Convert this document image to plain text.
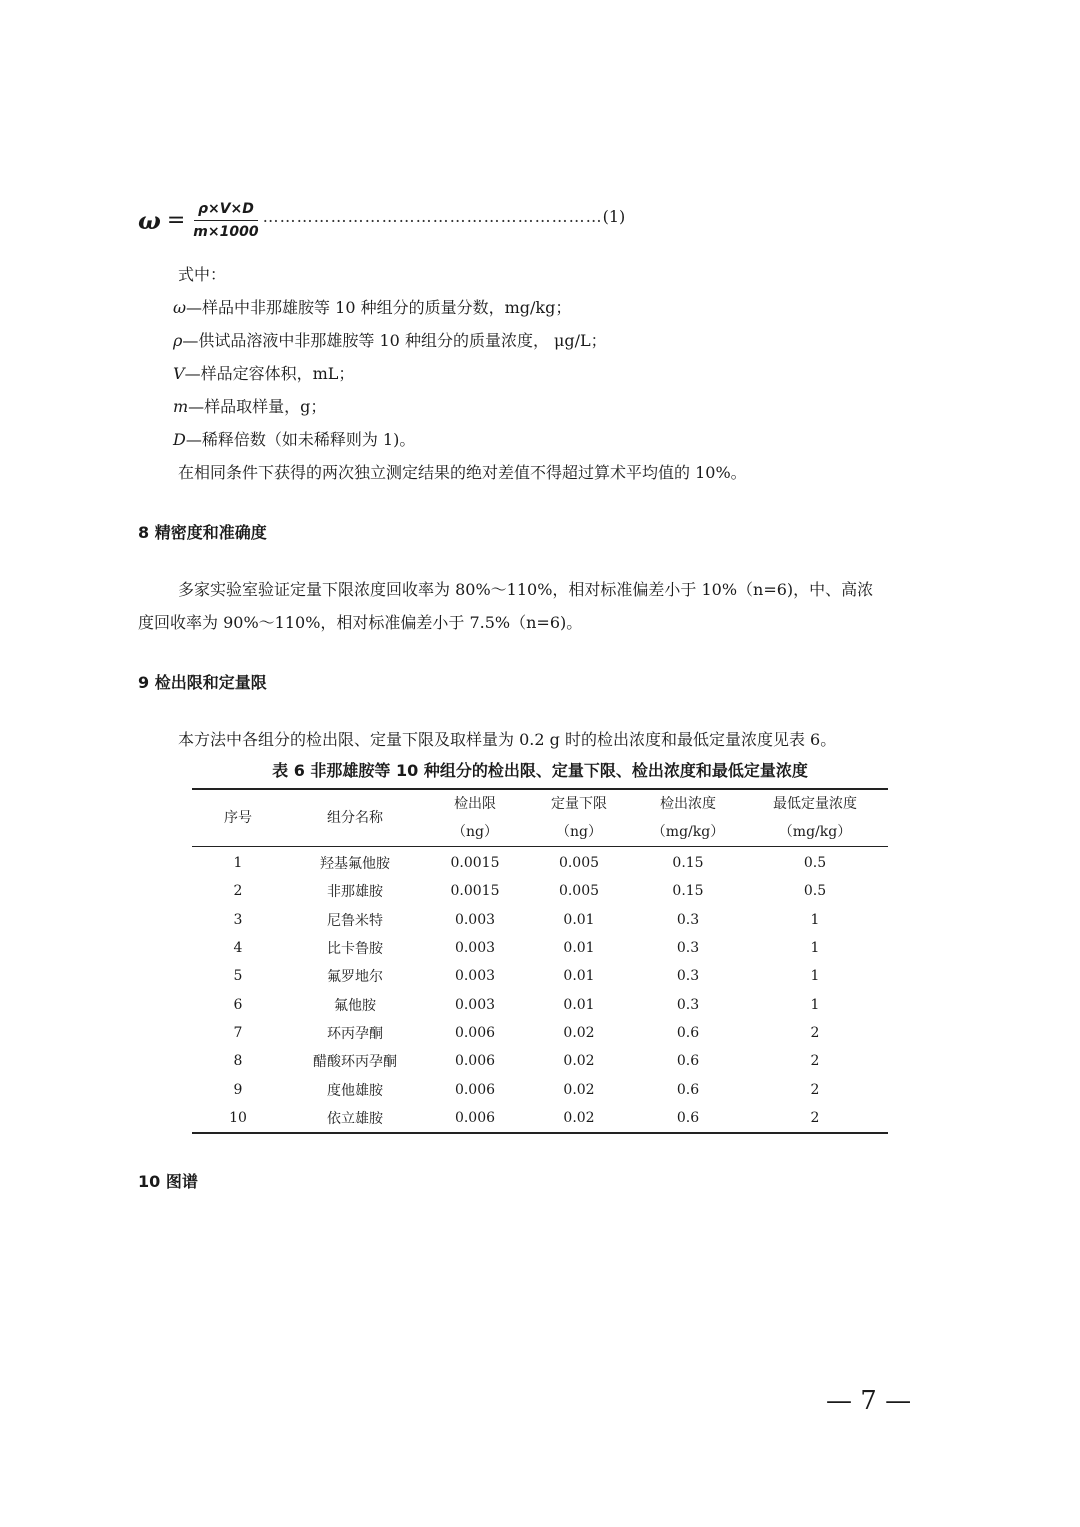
$\omega = \frac{\rho\times V\times D}{m\times 1000}$ …………………………………………………… (1)
式中：
ω—样品中非那雄胺等 10 种组分的质量分数，mg/kg；
ρ—供试品溶液中非那雄胺等 10 种组分的质量浓度， μg/L；
V—样品定容体积，mL；
m—样品取样量，g；
D—稀释倍数（如未稀释则为 1)。
在相同条件下获得的两次独立测定结果的绝对差值不得超过算术平均值的 10%。
8 精密度和准确度
多家实验室验证定量下限浓度回收率为 80%～110%，相对标准偏差小于 10%（n=6)，中、高浓
度回收率为 90%～110%，相对标准偏差小于 7.5%（n=6)。
9 检出限和定量限
本方法中各组分的检出限、定量下限及取样量为 0.2 g 时的检出浓度和最低定量浓度见表 6。
表 6 非那雄胺等 10 种组分的检出限、定量下限、检出浓度和最低定量浓度
序号	组分名称	检出限	定量下限	检出浓度	最低定量浓度
		（ng）	（ng）	（mg/kg）	（mg/kg）
1	羟基氟他胺	0.0015	0.005	0.15	0.5
2	非那雄胺	0.0015	0.005	0.15	0.5
3	尼鲁米特	0.003	0.01	0.3	1
4	比卡鲁胺	0.003	0.01	0.3	1
5	氟罗地尔	0.003	0.01	0.3	1
6	氟他胺	0.003	0.01	0.3	1
7	环丙孕酮	0.006	0.02	0.6	2
8	醋酸环丙孕酮	0.006	0.02	0.6	2
9	度他雄胺	0.006	0.02	0.6	2
10	依立雄胺	0.006	0.02	0.6	2
10 图谱
— 7 —
